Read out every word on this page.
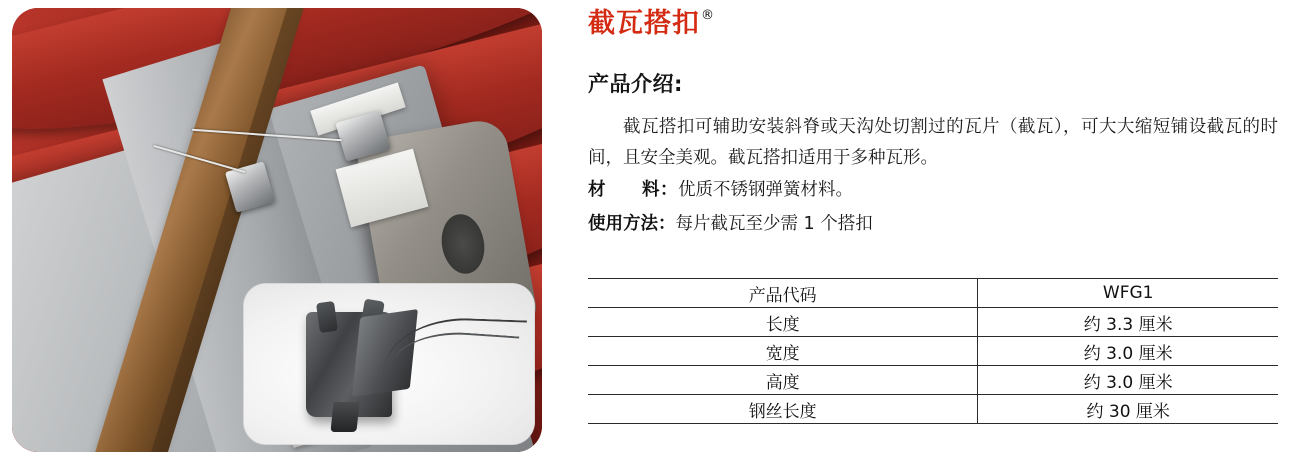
截瓦搭扣 ®
产品介绍:
截瓦搭扣可辅助安装斜脊或天沟处切割过的瓦片（截瓦），可大大缩短铺设截瓦的时间，且安全美观。截瓦搭扣适用于多种瓦形。
材　　料：优质不锈钢弹簧材料。
使用方法：每片截瓦至少需 1 个搭扣
产品代码	WFG1
长度	约 3.3 厘米
宽度	约 3.0 厘米
高度	约 3.0 厘米
钢丝长度	约 30 厘米
